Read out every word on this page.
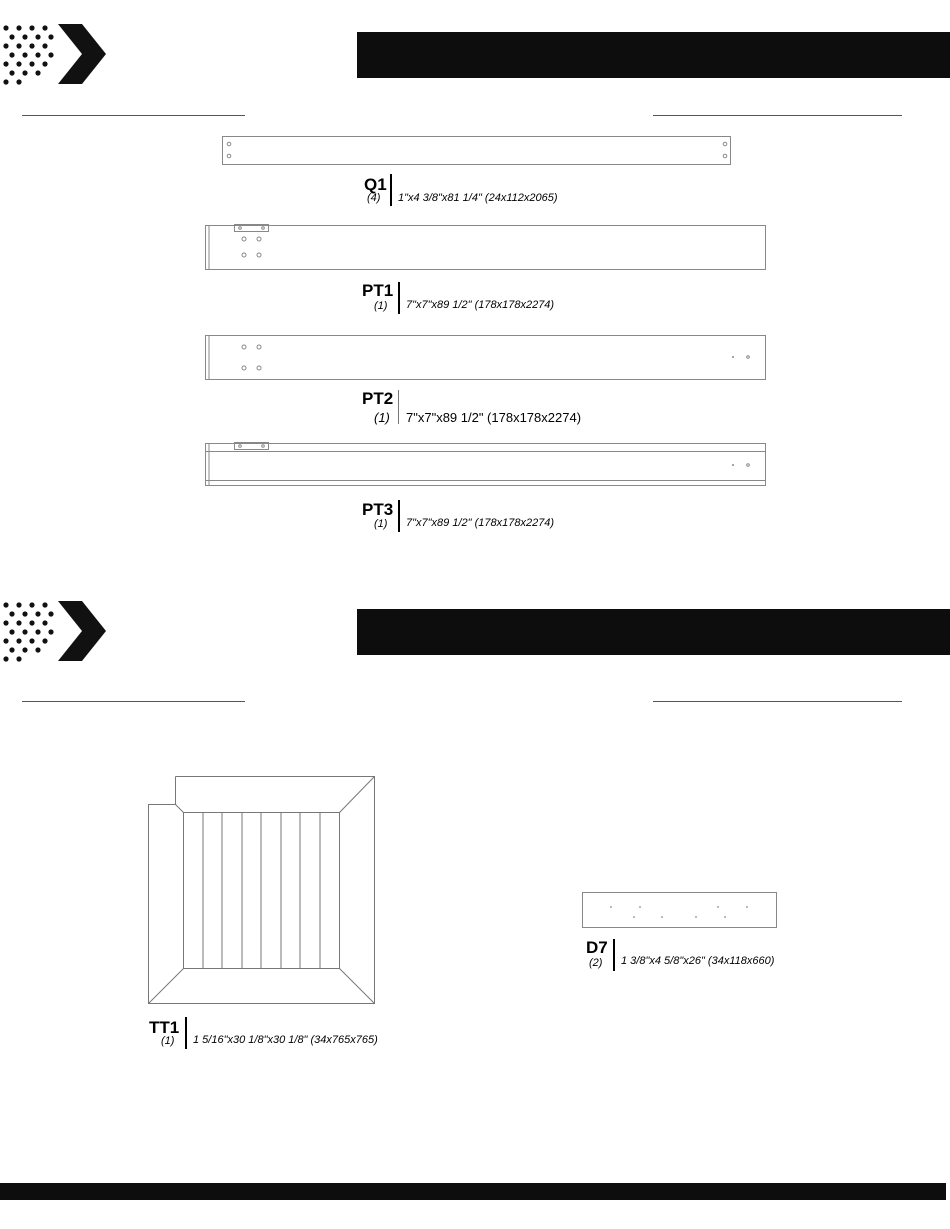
Q1
(4) 1"x4 3/8"x81 1/4" (24x112x2065)
PT1
(1) 7"x7"x89 1/2" (178x178x2274)
PT2
(1) 7"x7"x89 1/2" (178x178x2274)
PT3
(1) 7"x7"x89 1/2" (178x178x2274)
TT1
(1) 1 5/16"x30 1/8"x30 1/8" (34x765x765)
D7
(2) 1 3/8"x4 5/8"x26" (34x118x660)
